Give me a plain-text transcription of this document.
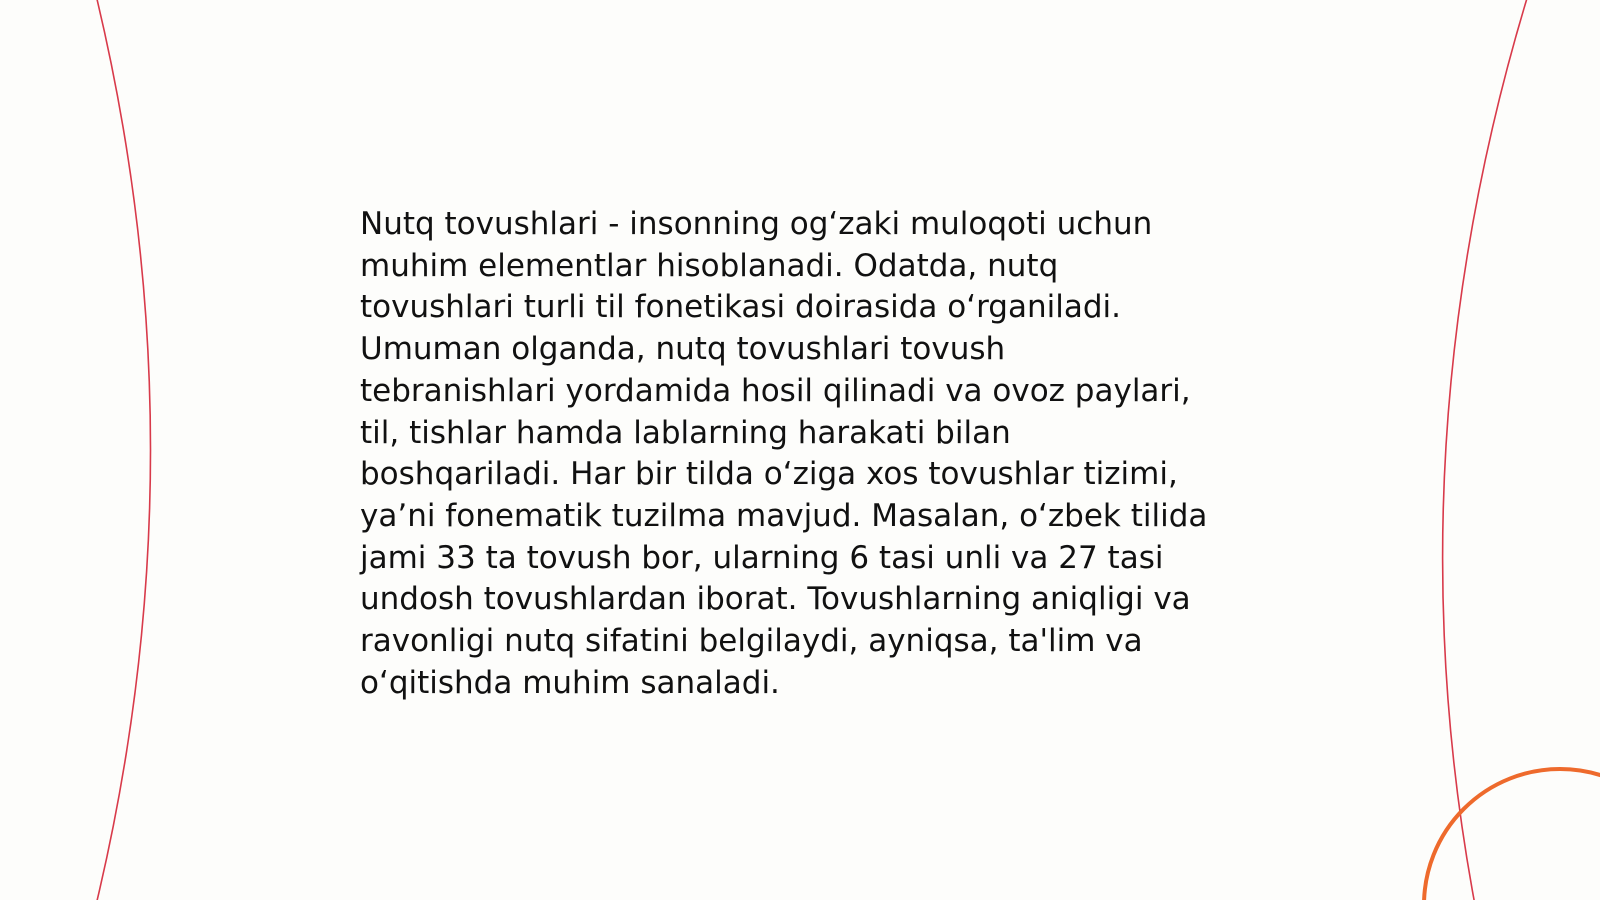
Nutq tovushlari - insonning og‘zaki muloqoti uchun
muhim elementlar hisoblanadi. Odatda, nutq
tovushlari turli til fonetikasi doirasida o‘rganiladi.
Umuman olganda, nutq tovushlari tovush
tebranishlari yordamida hosil qilinadi va ovoz paylari,
til, tishlar hamda lablarning harakati bilan
boshqariladi. Har bir tilda o‘ziga xos tovushlar tizimi,
ya’ni fonematik tuzilma mavjud. Masalan, o‘zbek tilida
jami 33 ta tovush bor, ularning 6 tasi unli va 27 tasi
undosh tovushlardan iborat. Tovushlarning aniqligi va
ravonligi nutq sifatini belgilaydi, ayniqsa, ta'lim va
o‘qitishda muhim sanaladi.
